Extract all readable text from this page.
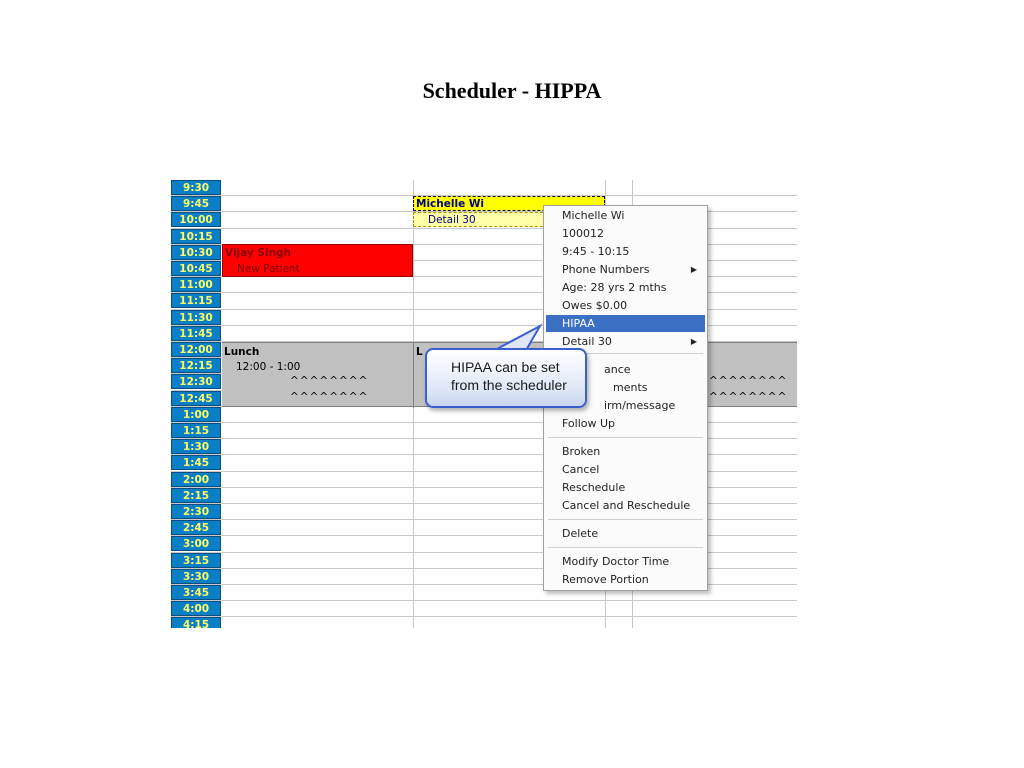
Scheduler - HIPPA
9:30
9:45
10:00
10:15
10:30
10:45
11:00
11:15
11:30
11:45
12:00
12:15
12:30
12:45
1:00
1:15
1:30
1:45
2:00
2:15
2:30
2:45
3:00
3:15
3:30
3:45
4:00
4:15
Vijay Singh
New Patient
Michelle Wi
Detail 30
Lunch
12:00 - 1:00
^^^^^^^^
^^^^^^^^
L
^^^^^^^^
^^^^^^^^
Michelle Wi
100012
9:45 - 10:15
Phone Numbers	▶
Age: 28 yrs 2 mths
Owes $0.00
HIPAA
Detail 30	▶
ance
ments
irm/message
Follow Up
Broken
Cancel
Reschedule
Cancel and Reschedule
Delete
Modify Doctor Time
Remove Portion
HIPAA can be set
from the scheduler
